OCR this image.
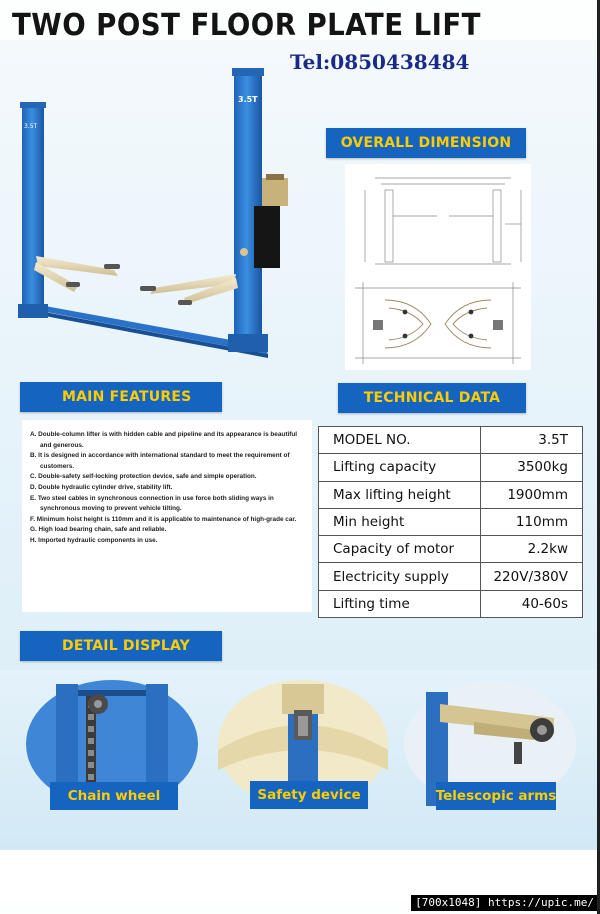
TWO POST FLOOR PLATE LIFT
Tel:0850438484
3.5T
3.5T
OVERALL DIMENSION
MAIN FEATURES	TECHNICAL DATA
A. Double-column lifter is with hidden cable and pipeline and its appearance is beautiful and generous.
B. It is designed in accordance with international standard to meet the requirement of customers.
C. Double-safety self-locking protection device, safe and simple operation.
D. Double hydraulic cylinder drive, stability lift.
E. Two steel cables in synchronous connection in use force both sliding ways in synchronous moving to prevent vehicle tilting.
F. Minimum hoist height is 110mm and it is applicable to maintenance of high-grade car.
G. High load bearing chain, safe and reliable.
H. Imported hydraulic components in use.
MODEL NO.	3.5T
Lifting capacity	3500kg
Max lifting height	1900mm
Min height	110mm
Capacity of motor	2.2kw
Electricity supply	220V/380V
Lifting time	40-60s
DETAIL DISPLAY
Chain wheel	Safety device	Telescopic arms
[700x1048] https://upic.me/
